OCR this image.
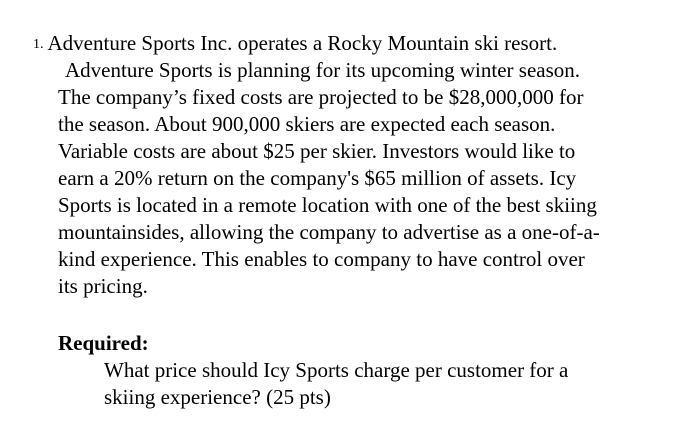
1. Adventure Sports Inc. operates a Rocky Mountain ski resort.
Adventure Sports is planning for its upcoming winter season.
The company’s fixed costs are projected to be $28,000,000 for
the season. About 900,000 skiers are expected each season.
Variable costs are about $25 per skier. Investors would like to
earn a 20% return on the company's $65 million of assets. Icy
Sports is located in a remote location with one of the best skiing
mountainsides, allowing the company to advertise as a one-of-a-
kind experience. This enables to company to have control over
its pricing.
Required:
What price should Icy Sports charge per customer for a
skiing experience? (25 pts)
